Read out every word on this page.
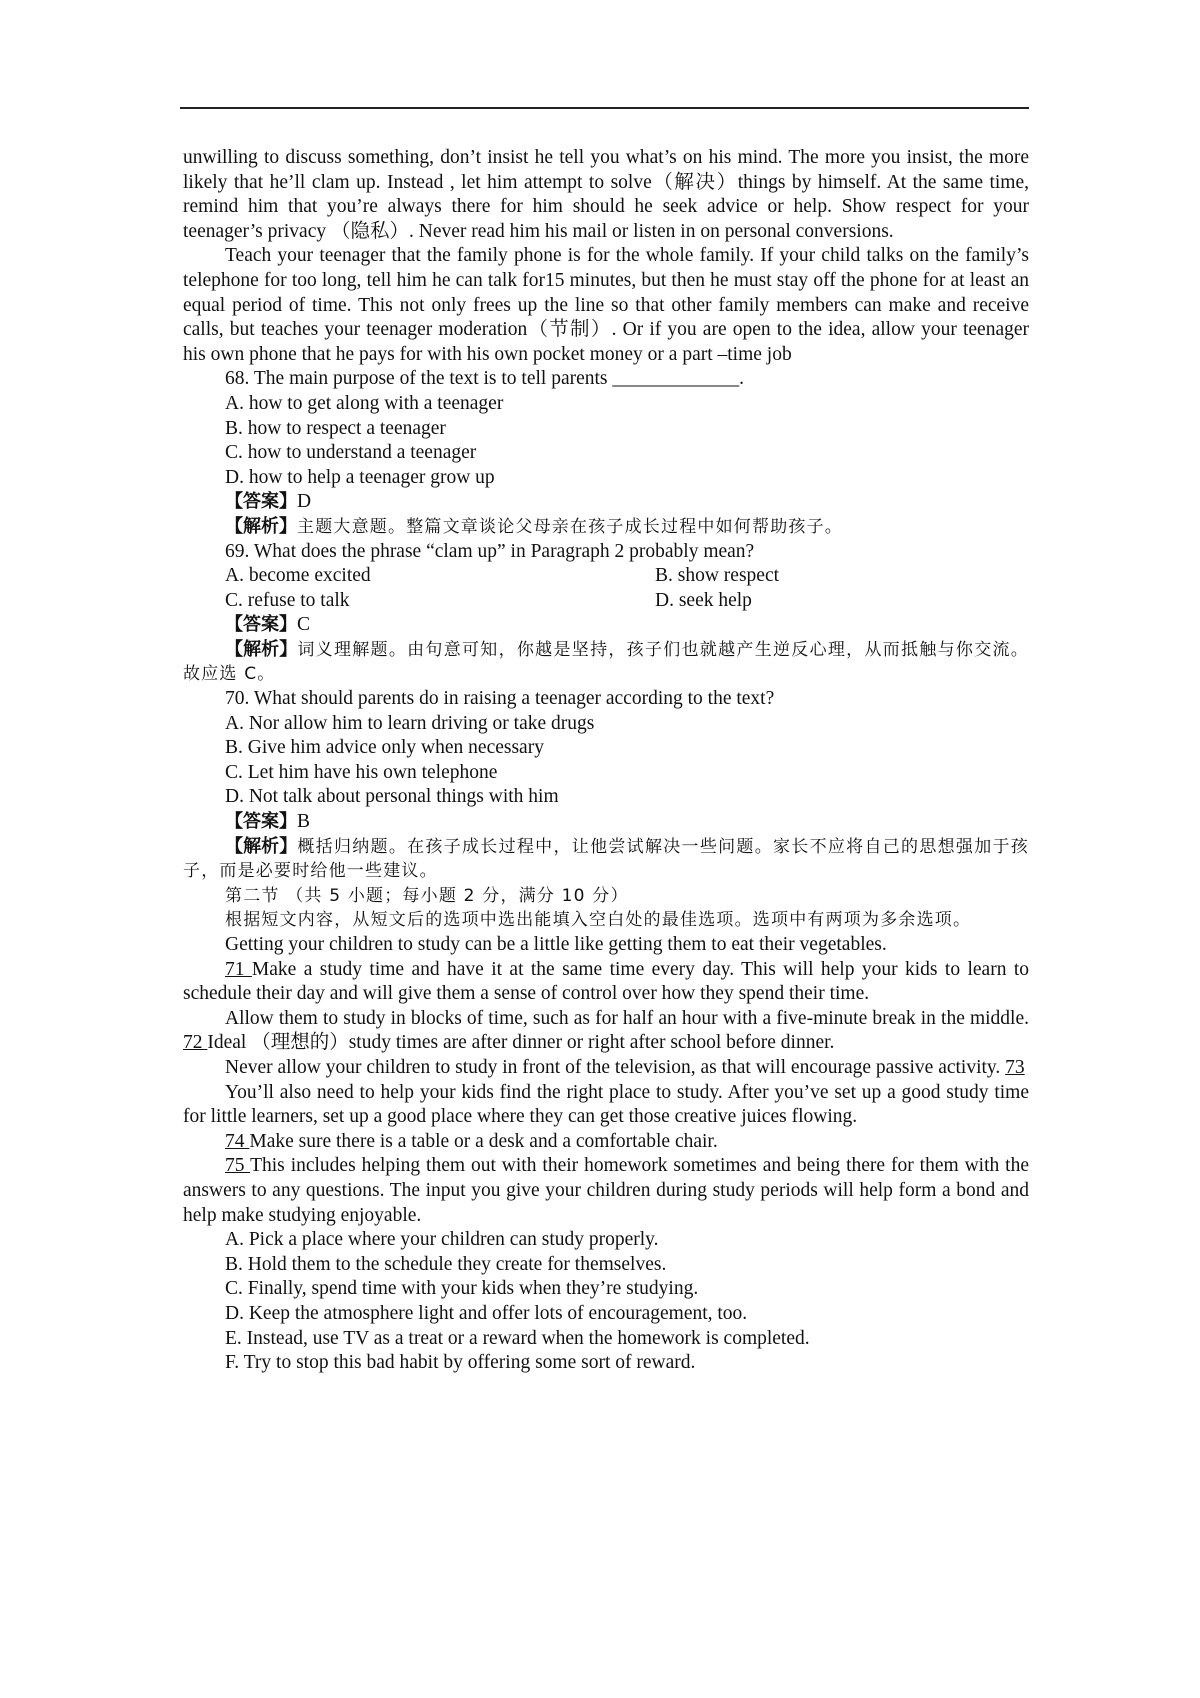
unwilling to discuss something, don’t insist he tell you what’s on his mind. The more you insist, the more likely that he’ll clam up. Instead , let him attempt to solve（解决）things by himself. At the same time, remind him that you’re always there for him should he seek advice or help. Show respect for your teenager’s privacy （隐私）. Never read him his mail or listen in on personal conversions.

Teach your teenager that the family phone is for the whole family. If your child talks on the family’s telephone for too long, tell him he can talk for15 minutes, but then he must stay off the phone for at least an equal period of time. This not only frees up the line so that other family members can make and receive calls, but teaches your teenager moderation（节制）. Or if you are open to the idea, allow your teenager his own phone that he pays for with his own pocket money or a part –time job

68. The main purpose of the text is to tell parents _____________.

A. how to get along with a teenager

B. how to respect a teenager

C. how to understand a teenager

D. how to help a teenager grow up

【答案】D

【解析】主题大意题。整篇文章谈论父母亲在孩子成长过程中如何帮助孩子。

69. What does the phrase “clam up” in Paragraph 2 probably mean?

A. become excited	B. show respect
C. refuse to talk	D. seek help

【答案】C

【解析】词义理解题。由句意可知，你越是坚持，孩子们也就越产生逆反心理，从而抵触与你交流。故应选 C。

70. What should parents do in raising a teenager according to the text?

A. Nor allow him to learn driving or take drugs

B. Give him advice only when necessary

C. Let him have his own telephone

D. Not talk about personal things with him

【答案】B

【解析】概括归纳题。在孩子成长过程中，让他尝试解决一些问题。家长不应将自己的思想强加于孩子，而是必要时给他一些建议。

第二节 （共 5 小题；每小题 2 分，满分 10 分）

根据短文内容，从短文后的选项中选出能填入空白处的最佳选项。选项中有两项为多余选项。

Getting your children to study can be a little like getting them to eat their vegetables.

71 Make a study time and have it at the same time every day. This will help your kids to learn to schedule their day and will give them a sense of control over how they spend their time.

Allow them to study in blocks of time, such as for half an hour with a five-minute break in the middle. 72 Ideal （理想的）study times are after dinner or right after school before dinner.

Never allow your children to study in front of the television, as that will encourage passive activity. 73

You’ll also need to help your kids find the right place to study. After you’ve set up a good study time for little learners, set up a good place where they can get those creative juices flowing.

74 Make sure there is a table or a desk and a comfortable chair.

75 This includes helping them out with their homework sometimes and being there for them with the answers to any questions. The input you give your children during study periods will help form a bond and help make studying enjoyable.

A. Pick a place where your children can study properly.

B. Hold them to the schedule they create for themselves.

C. Finally, spend time with your kids when they’re studying.

D. Keep the atmosphere light and offer lots of encouragement, too.

E. Instead, use TV as a treat or a reward when the homework is completed.

F. Try to stop this bad habit by offering some sort of reward.
